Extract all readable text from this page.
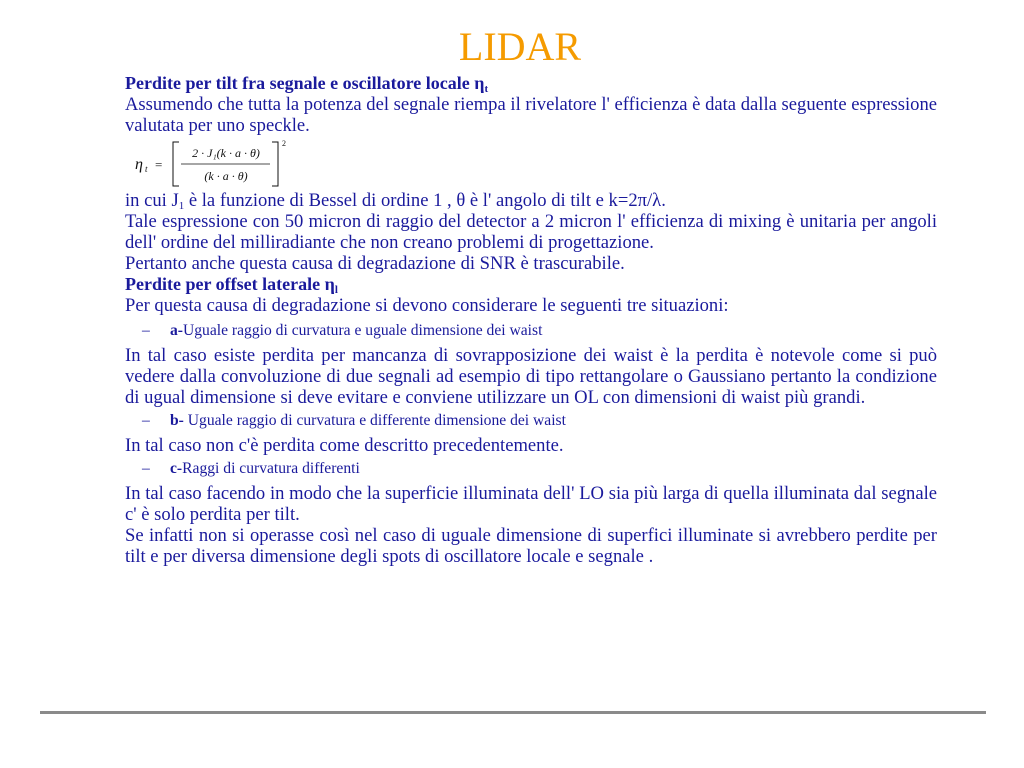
LIDAR

Perdite per tilt fra segnale e oscillatore locale $\eta_t$

Assumendo che tutta la potenza del segnale riempa il rivelatore l' efficienza è data dalla seguente espressione valutata per uno speckle.

η t =
2 · J₁(k · a · θ)
(k · a · θ)
2

in cui $J_1$ è la funzione di Bessel di ordine 1 , θ è l' angolo di tilt e k=2π/λ.

Tale espressione con 50 micron di raggio del detector a 2 micron l' efficienza di mixing è unitaria per angoli dell' ordine del milliradiante che non creano problemi di progettazione.

Pertanto anche questa causa di degradazione di SNR è trascurabile.

Perdite per offset laterale $\eta_l$

Per questa causa di degradazione si devono considerare le seguenti tre situazioni:

– a-Uguale raggio di curvatura e uguale dimensione dei waist

In tal caso esiste perdita per mancanza di sovrapposizione dei waist è la perdita è notevole come si può vedere dalla convoluzione di due segnali ad esempio di tipo rettangolare o Gaussiano pertanto la condizione di ugual dimensione si deve evitare e conviene utilizzare un OL con dimensioni di waist più grandi.

– b- Uguale raggio di curvatura e differente dimensione dei waist

In tal caso non c'è perdita come descritto precedentemente.

– c-Raggi di curvatura differenti

In tal caso facendo in modo che la superficie illuminata dell' LO sia più larga di quella illuminata dal segnale c' è solo perdita per tilt.

Se infatti non si operasse così nel caso di uguale dimensione di superfici illuminate si avrebbero perdite per tilt e per diversa dimensione degli spots di oscillatore locale e segnale .
